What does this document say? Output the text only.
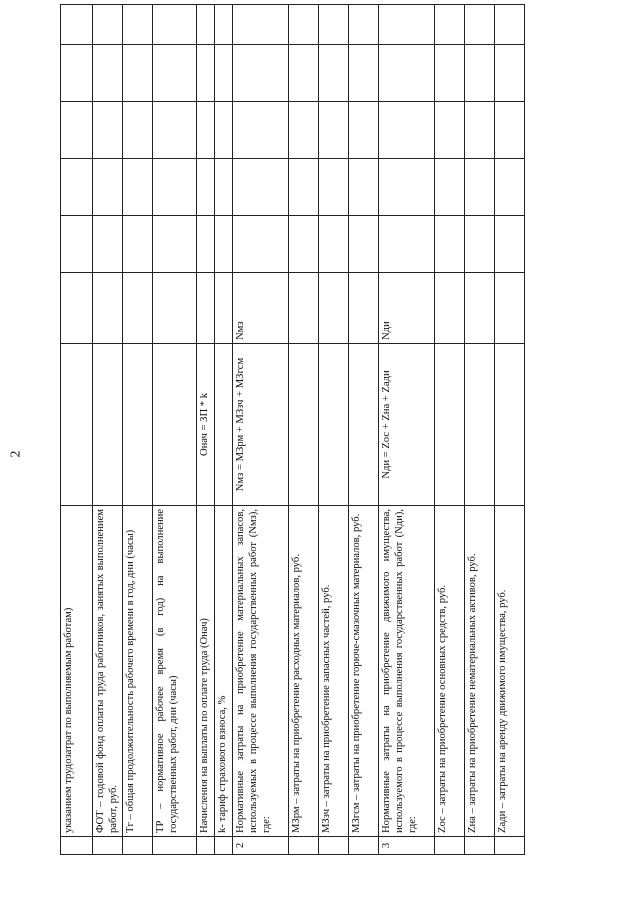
	указанием трудозатрат по выполняемым работам)							
	ФОТ – годовой фонд оплаты труда работников, занятых выполнением работ, руб.							
	Тг – общая продолжительность рабочего времени в год, дни (часы)							
	ТР – нормативное рабочее время (в год) на выполнение государственных работ, дни (часы)							
	Начисления на выплаты по оплате труда (Онач)	Онач = ЗП * k						
	k- тариф страхового взноса, %							
2	Нормативные затраты на приобретение материальных запасов, используемых в процессе выполнения государственных работ (Nмз), где:	Nмз = МЗрм + МЗзч + МЗгсм	Nмз					
	МЗрм – затраты на приобретение расходных материалов, руб.							
	МЗзч – затраты на приобретение запасных частей, руб.							
	МЗгсм – затраты на приобретение горюче-смазочных материалов, руб.							
3	Нормативные затраты на приобретение движимого имущества, используемого в процессе выполнения государственных работ (Nди), где:	Nди = Zос + Zна + Zади	Nди					
	Zос – затраты на приобретение основных средств, руб.							
	Zна – затраты на приобретение нематериальных активов, руб.							
	Zади – затраты на аренду движимого имущества, руб.							
2
